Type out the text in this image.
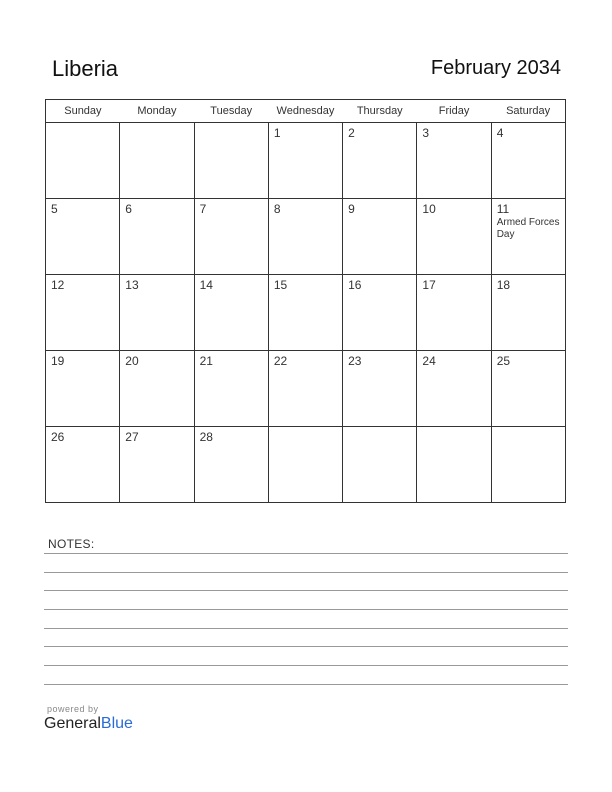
Liberia	February 2034
Sunday	Monday	Tuesday	Wednesday	Thursday	Friday	Saturday

			1	2	3	4

5	6	7	8	9	10	11
Armed Forces Day

12	13	14	15	16	17	18

19	20	21	22	23	24	25

26	27	28				

NOTES:
powered by
GeneralBlue
